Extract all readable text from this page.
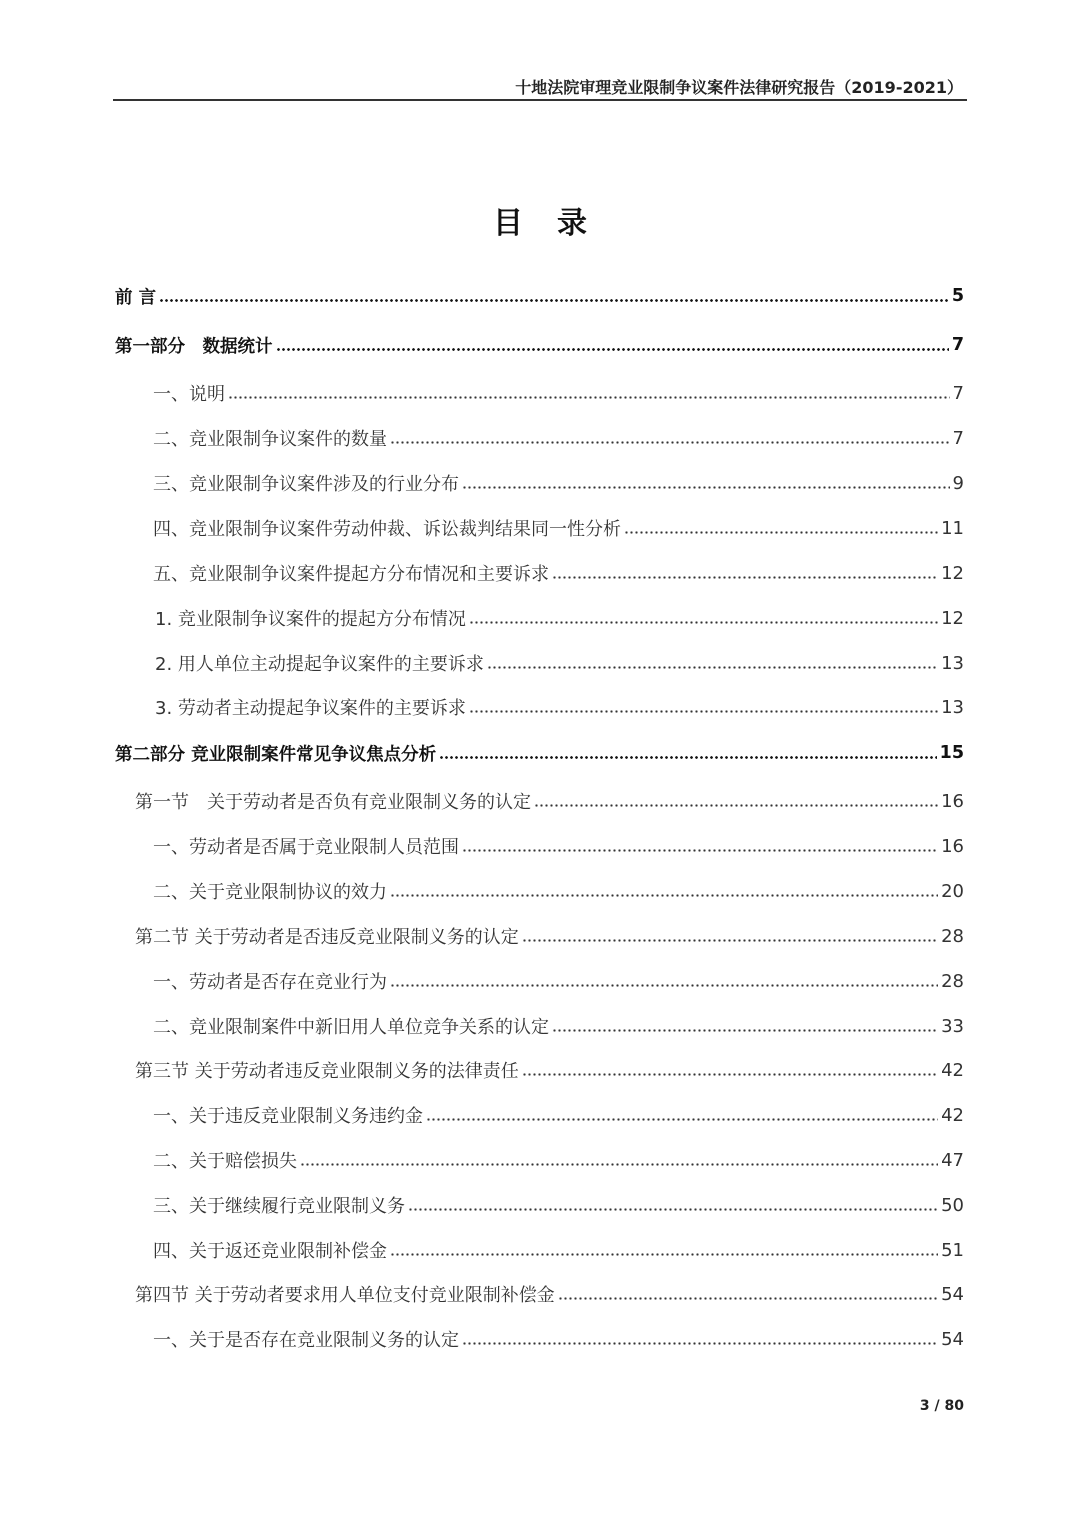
十地法院审理竞业限制争议案件法律研究报告（2019-2021）
目录
前 言	5
第一部分　数据统计	7
一、说明	7
二、竞业限制争议案件的数量	7
三、竞业限制争议案件涉及的行业分布	9
四、竞业限制争议案件劳动仲裁、诉讼裁判结果同一性分析	11
五、竞业限制争议案件提起方分布情况和主要诉求	12
1. 竞业限制争议案件的提起方分布情况	12
2. 用人单位主动提起争议案件的主要诉求	13
3. 劳动者主动提起争议案件的主要诉求	13
第二部分 竞业限制案件常见争议焦点分析	15
第一节　关于劳动者是否负有竞业限制义务的认定	16
一、劳动者是否属于竞业限制人员范围	16
二、关于竞业限制协议的效力	20
第二节 关于劳动者是否违反竞业限制义务的认定	28
一、劳动者是否存在竞业行为	28
二、竞业限制案件中新旧用人单位竞争关系的认定	33
第三节 关于劳动者违反竞业限制义务的法律责任	42
一、关于违反竞业限制义务违约金	42
二、关于赔偿损失	47
三、关于继续履行竞业限制义务	50
四、关于返还竞业限制补偿金	51
第四节 关于劳动者要求用人单位支付竞业限制补偿金	54
一、关于是否存在竞业限制义务的认定	54
3 / 80
